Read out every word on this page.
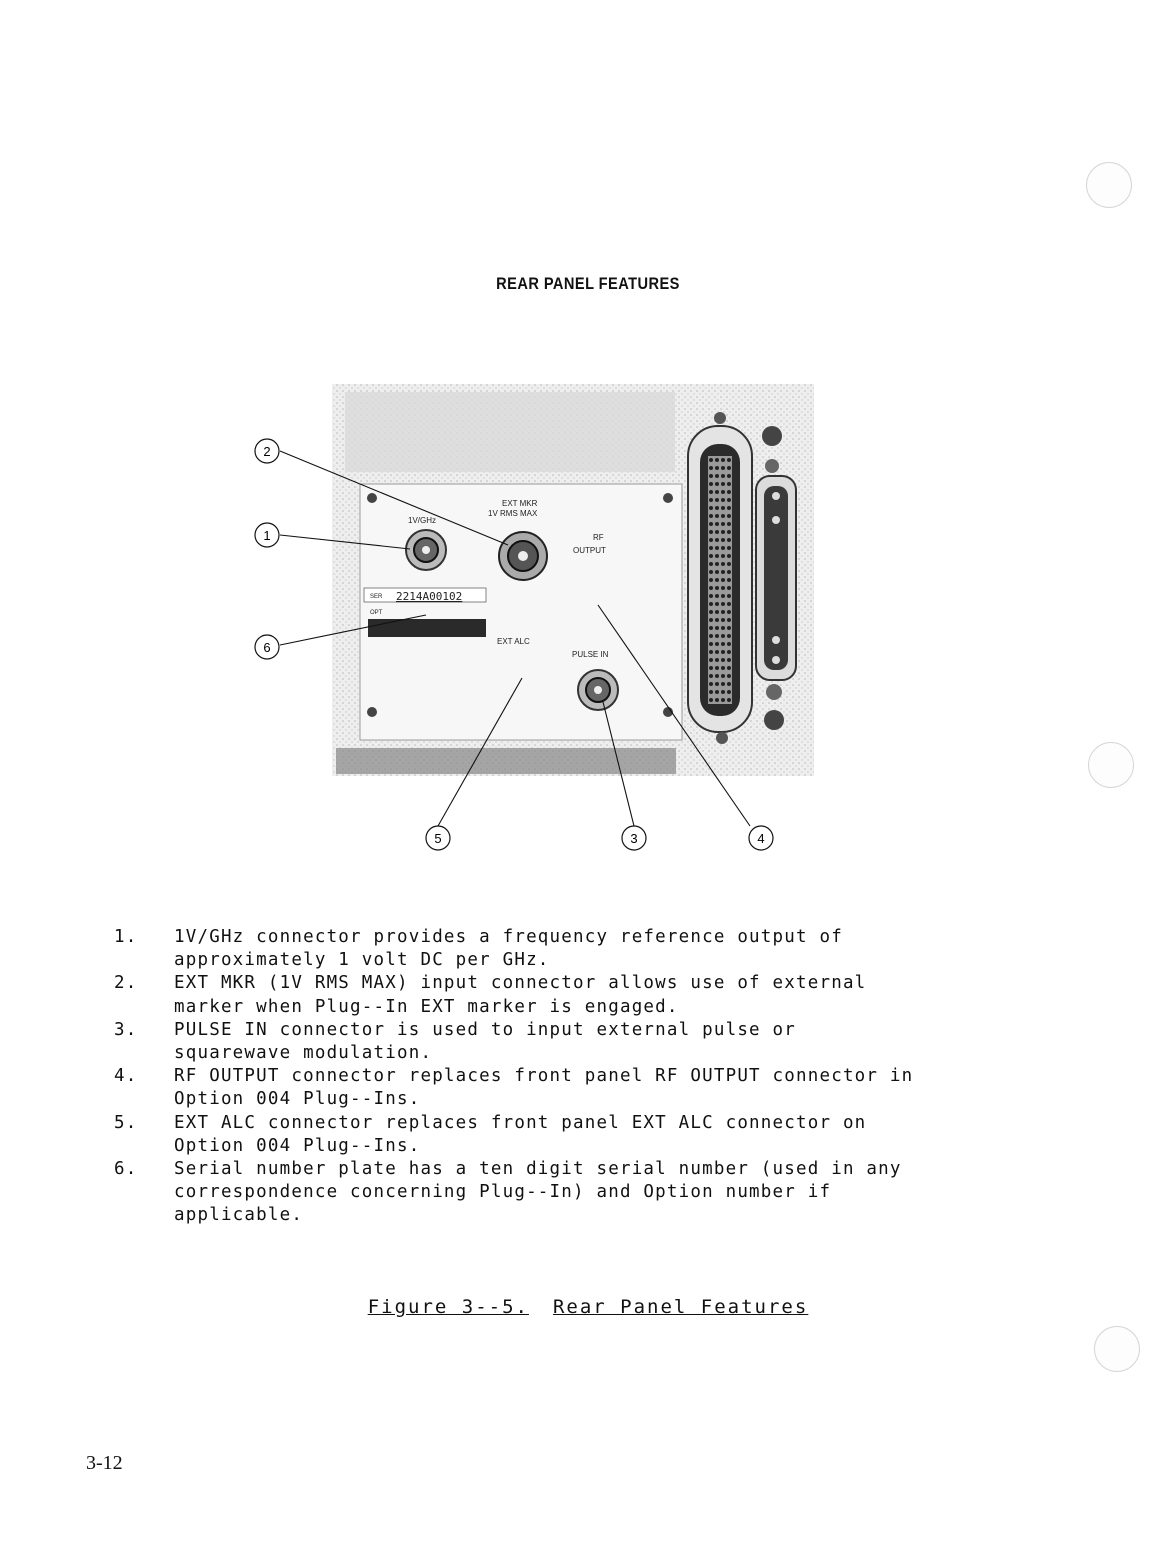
REAR PANEL FEATURES
1V/GHz
EXT MKR
1V RMS MAX
RF
OUTPUT
SER 2214A00102
OPT
EXT ALC
PULSE IN
1
2
3	4
5
6
1.	1V/GHz connector provides a frequency reference output of
approximately 1 volt DC per GHz.
2.	EXT MKR (1V RMS MAX) input connector allows use of external
marker when Plug--In EXT marker is engaged.
3.	PULSE IN connector is used to input external pulse or
squarewave modulation.
4.	RF OUTPUT connector replaces front panel RF OUTPUT connector in
Option 004 Plug--Ins.
5.	EXT ALC connector replaces front panel EXT ALC connector on
Option 004 Plug--Ins.
6.	Serial number plate has a ten digit serial number (used in any
correspondence concerning Plug--In) and Option number if
applicable.
Figure 3--5. Rear Panel Features
3-12
